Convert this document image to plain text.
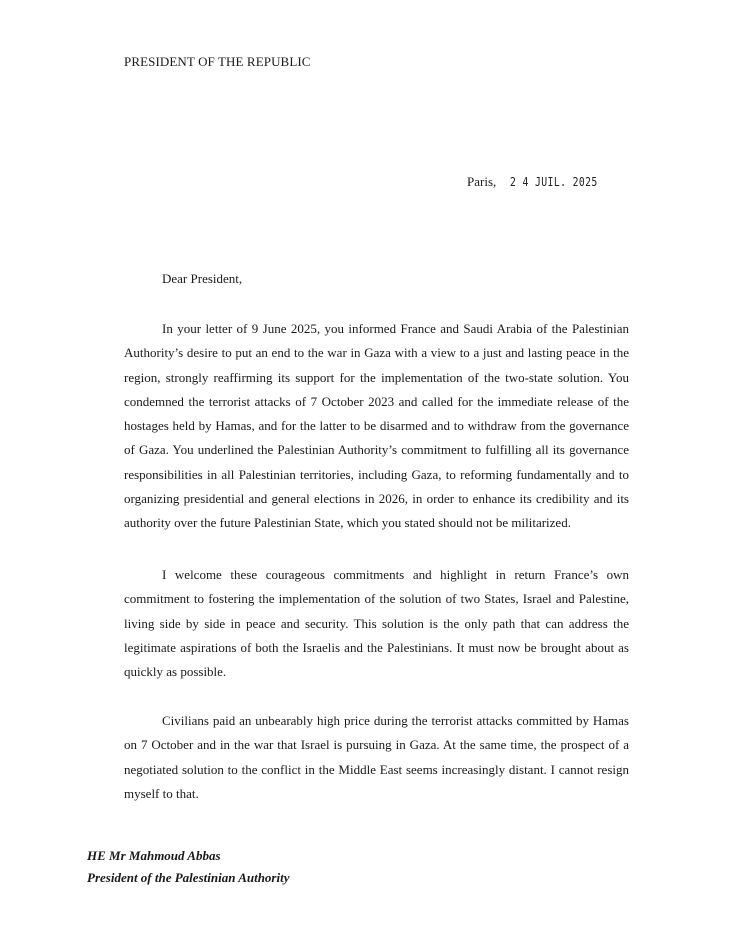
PRESIDENT OF THE REPUBLIC
Paris, 2 4 JUIL. 2025
Dear President,

In your letter of 9 June 2025, you informed France and Saudi Arabia of the Palestinian Authority’s desire to put an end to the war in Gaza with a view to a just and lasting peace in the region, strongly reaffirming its support for the implementation of the two-state solution. You condemned the terrorist attacks of 7 October 2023 and called for the immediate release of the hostages held by Hamas, and for the latter to be disarmed and to withdraw from the governance of Gaza. You underlined the Palestinian Authority’s commitment to fulfilling all its governance responsibilities in all Palestinian territories, including Gaza, to reforming fundamentally and to organizing presidential and general elections in 2026, in order to enhance its credibility and its authority over the future Palestinian State, which you stated should not be militarized.

I welcome these courageous commitments and highlight in return France’s own commitment to fostering the implementation of the solution of two States, Israel and Palestine, living side by side in peace and security. This solution is the only path that can address the legitimate aspirations of both the Israelis and the Palestinians. It must now be brought about as quickly as possible.

Civilians paid an unbearably high price during the terrorist attacks committed by Hamas on 7 October and in the war that Israel is pursuing in Gaza. At the same time, the prospect of a negotiated solution to the conflict in the Middle East seems increasingly distant. I cannot resign myself to that.

HE Mr Mahmoud Abbas
President of the Palestinian Authority
